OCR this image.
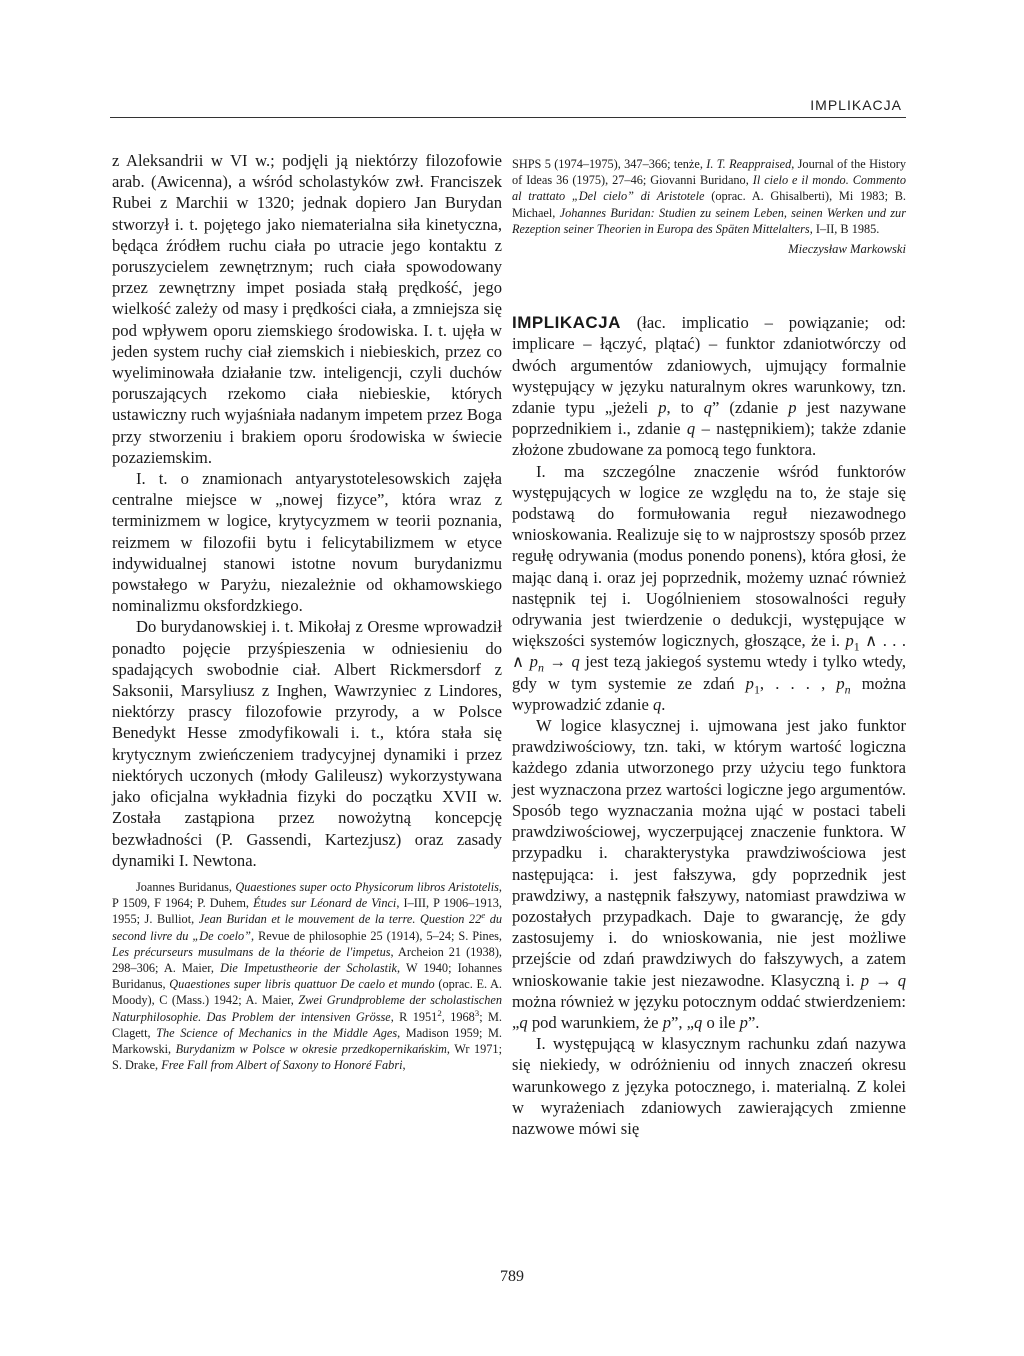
IMPLIKACJA

z Aleksandrii w VI w.; podjęli ją niektórzy filozofowie arab. (Awicenna), a wśród scholastyków zwł. Franciszek Rubei z Marchii w 1320; jednak dopiero Jan Burydan stworzył i. t. pojętego jako niematerialna siła kinetyczna, będąca źródłem ruchu ciała po utracie jego kontaktu z poruszycielem zewnętrznym; ruch ciała spowodowany przez zewnętrzny impet posiada stałą prędkość, jego wielkość zależy od masy i prędkości ciała, a zmniejsza się pod wpływem oporu ziemskiego środowiska. I. t. ujęła w jeden system ruchy ciał ziemskich i niebieskich, przez co wyeliminowała działanie tzw. inteligencji, czyli duchów poruszających rzekomo ciała niebieskie, których ustawiczny ruch wyjaśniała nadanym impetem przez Boga przy stworzeniu i brakiem oporu środowiska w świecie pozaziemskim.

I. t. o znamionach antyarystotelesowskich zajęła centralne miejsce w „nowej fizyce”, która wraz z terminizmem w logice, krytycyzmem w teorii poznania, reizmem w filozofii bytu i felicytabilizmem w etyce indywidualnej stanowi istotne novum burydanizmu powstałego w Paryżu, niezależnie od okhamowskiego nominalizmu oksfordzkiego.

Do burydanowskiej i. t. Mikołaj z Oresme wprowadził ponadto pojęcie przyśpieszenia w odniesieniu do spadających swobodnie ciał. Albert Rickmersdorf z Saksonii, Marsyliusz z Inghen, Wawrzyniec z Lindores, niektórzy prascy filozofowie przyrody, a w Polsce Benedykt Hesse zmodyfikowali i. t., która stała się krytycznym zwieńczeniem tradycyjnej dynamiki i przez niektórych uczonych (młody Galileusz) wykorzystywana jako oficjalna wykładnia fizyki do początku XVII w. Została zastąpiona przez nowożytną koncepcję bezwładności (P. Gassendi, Kartezjusz) oraz zasady dynamiki I. Newtona.

Joannes Buridanus, Quaestiones super octo Physicorum libros Aristotelis, P 1509, F 1964; P. Duhem, Études sur Léonard de Vinci, I–III, P 1906–1913, 1955; J. Bulliot, Jean Buridan et le mouvement de la terre. Question 22e du second livre du „De coelo”, Revue de philosophie 25 (1914), 5–24; S. Pines, Les précurseurs musulmans de la théorie de l'impetus, Archeion 21 (1938), 298–306; A. Maier, Die Impetustheorie der Scholastik, W 1940; Iohannes Buridanus, Quaestiones super libris quattuor De caelo et mundo (oprac. E. A. Moody), C (Mass.) 1942; A. Maier, Zwei Grundprobleme der scholastischen Naturphilosophie. Das Problem der intensiven Grösse, R 1951$^2$, 1968$^3$; M. Clagett, The Science of Mechanics in the Middle Ages, Madison 1959; M. Markowski, Burydanizm w Polsce w okresie przedkopernikańskim, Wr 1971; S. Drake, Free Fall from Albert of Saxony to Honoré Fabri,

SHPS 5 (1974–1975), 347–366; tenże, I. T. Reappraised, Journal of the History of Ideas 36 (1975), 27–46; Giovanni Buridano, Il cielo e il mondo. Commento al trattato „Del cielo” di Aristotele (oprac. A. Ghisalberti), Mi 1983; B. Michael, Johannes Buridan: Studien zu seinem Leben, seinen Werken und zur Rezeption seiner Theorien in Europa des Späten Mittelalters, I–II, B 1985.

Mieczysław Markowski

IMPLIKACJA (łac. implicatio – powiązanie; od: implicare – łączyć, plątać) – funktor zdaniotwórczy od dwóch argumentów zdaniowych, ujmujący formalnie występujący w języku naturalnym okres warunkowy, tzn. zdanie typu „jeżeli p, to q” (zdanie p jest nazywane poprzednikiem i., zdanie q – następnikiem); także zdanie złożone zbudowane za pomocą tego funktora.

I. ma szczególne znaczenie wśród funktorów występujących w logice ze względu na to, że staje się podstawą do formułowania reguł niezawodnego wnioskowania. Realizuje się to w najprostszy sposób przez regułę odrywania (modus ponendo ponens), która głosi, że mając daną i. oraz jej poprzednik, możemy uznać również następnik tej i. Uogólnieniem stosowalności reguły odrywania jest twierdzenie o dedukcji, występujące w większości systemów logicznych, głoszące, że i. $p_1$ ∧ . . . ∧ $p_n \to q$ jest tezą jakiegoś systemu wtedy i tylko wtedy, gdy w tym systemie ze zdań $p_1$, . . . , $p_n$ można wyprowadzić zdanie q.

W logice klasycznej i. ujmowana jest jako funktor prawdziwościowy, tzn. taki, w którym wartość logiczna każdego zdania utworzonego przy użyciu tego funktora jest wyznaczona przez wartości logiczne jego argumentów. Sposób tego wyznaczania można ująć w postaci tabeli prawdziwościowej, wyczerpującej znaczenie funktora. W przypadku i. charakterystyka prawdziwościowa jest następująca: i. jest fałszywa, gdy poprzednik jest prawdziwy, a następnik fałszywy, natomiast prawdziwa w pozostałych przypadkach. Daje to gwarancję, że gdy zastosujemy i. do wnioskowania, nie jest możliwe przejście od zdań prawdziwych do fałszywych, a zatem wnioskowanie takie jest niezawodne. Klasyczną i. p → q można również w języku potocznym oddać stwierdzeniem: „q pod warunkiem, że p”, „q o ile p”.

I. występującą w klasycznym rachunku zdań nazywa się niekiedy, w odróżnieniu od innych znaczeń okresu warunkowego z języka potocznego, i. materialną. Z kolei w wyrażeniach zdaniowych zawierających zmienne nazwowe mówi się

789
